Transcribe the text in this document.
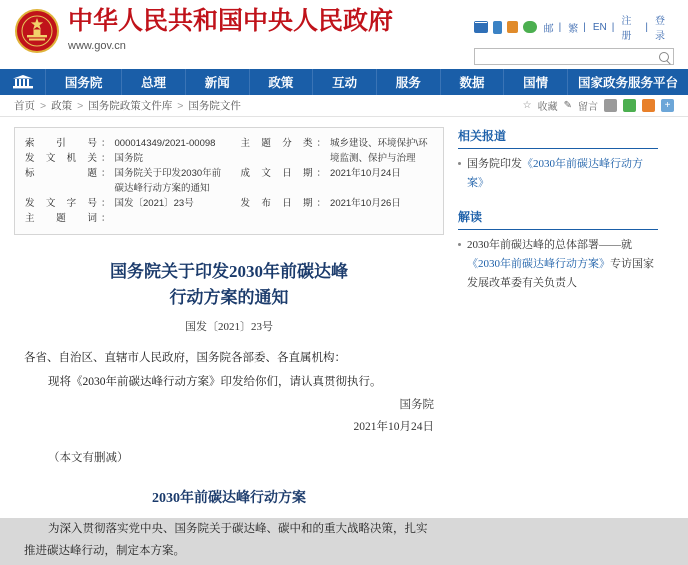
中华人民共和国中央人民政府
www.gov.cn
邮 | 繁 | EN | 注册
| 登录
国务院	总理	新闻	政策	互动	服务	数据	国情	国家政务服务平台
首页 > 政策 > 国务院政策文件库 > 国务院文件	☆ 收藏 ✎ 留言	+
索 引 号 ： 000014349/2021-00098
发文机关 ： 国务院
标 题 ： 国务院关于印发2030年前碳达峰行动方案的通知
发文字号 ： 国发〔2021〕23号
主 题 词 ：
主题分类 ： 城乡建设、环境保护\环境监测、保护与治理
成文日期 ： 2021年10月24日
发布日期 ： 2021年10月26日
国务院关于印发2030年前碳达峰
行动方案的通知
国发〔2021〕23号

各省、自治区、直辖市人民政府，国务院各部委、各直属机构：

现将《2030年前碳达峰行动方案》印发给你们，请认真贯彻执行。

国务院
2021年10月24日
（本文有删减）
2030年前碳达峰行动方案

为深入贯彻落实党中央、国务院关于碳达峰、碳中和的重大战略决策，扎实推进碳达峰行动，制定本方案。

相关报道
国务院印发《2030年前碳达峰行动方案》
解读
2030年前碳达峰的总体部署——就《2030年前碳达峰行动方案》专访国家发展改革委有关负责人
